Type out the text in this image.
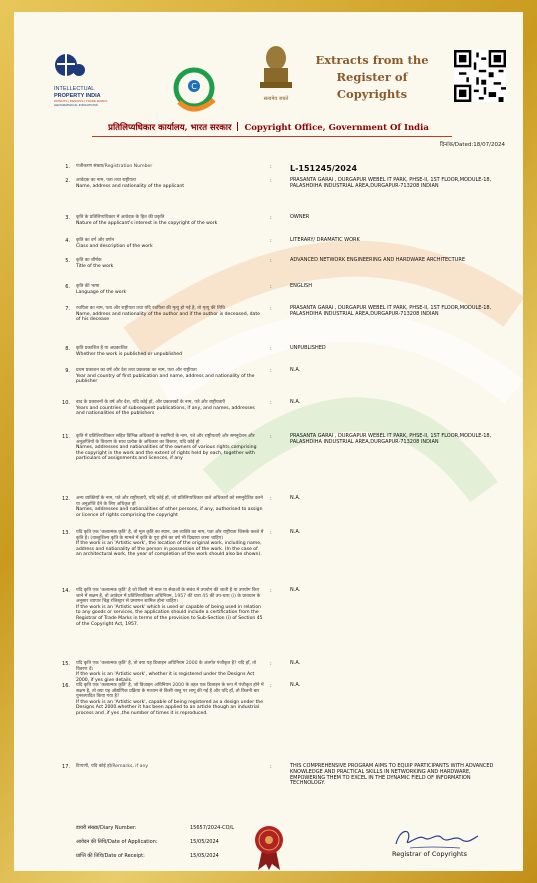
INTELLECTUAL
PROPERTY INDIA
PATENTS | DESIGNS | TRADE MARKS
GEOGRAPHICAL INDICATIONS
C
सत्यमेव जयते
Extracts from the
Register of
Copyrights
प्रतिलिप्यधिकार कार्यालय, भारत सरकार Copyright Office, Government Of India
दिनांक/Dated:18/07/2024
1. पंजीकरण संख्या/Registration Number	: L-151245/2024
2. आवेदक का नाम, पता तथा राष्ट्रीयता
Name, address and nationality of the applicant
:	PRASANTA GARAI , DURGAPUR WEBEL IT PARK, PHSE-II, 1ST FLOOR,MODULE-18, PALASHDIHA INDUSTRIAL AREA,DURGAPUR-713208 INDIAN
3. कृति के प्रतिलिप्यधिकार में आवेदक के हित की प्रकृति
Nature of the applicant's interest in the copyright of the work
:	OWNER
4. कृति का वर्ग और वर्णन
Class and description of the work
:	LITERARY/ DRAMATIC WORK
5. कृति का शीर्षक
Title of the work
:	ADVANCED NETWORK ENGINEERING AND HARDWARE ARCHITECTURE
6. कृति की भाषा
Language of the work
:	ENGLISH
7. रचयिता का नाम, पता और राष्ट्रीयता तथा यदि रचयिता की मृत्यु हो गई है, तो मृत्यु की तिथि
Name, address and nationality of the author and if the author is deceased, date of his decease
:	PRASANTA GARAI , DURGAPUR WEBEL IT PARK, PHSE-II, 1ST FLOOR,MODULE-18, PALASHDIHA INDUSTRIAL AREA,DURGAPUR-713208 INDIAN
8. कृति प्रकाशित है या अप्रकाशित
Whether the work is published or unpublished
:	UNPUBLISHED
9. प्रथम प्रकाशन का वर्ष और देश तथा प्रकाशक का नाम, पता और राष्ट्रीयता
Year and country of first publication and name, address and nationality of the publisher
:	N.A.
10. बाद के प्रकाशनों के वर्ष और देश, यदि कोई हों, और प्रकाशकों के नाम, पते और राष्ट्रीयताएँ
Years and countries of subsequent publications, if any, and names, addresses and nationalities of the publishers
:	N.A.
11. कृति में प्रतिलिप्यधिकार सहित विभिन्न अधिकारों के स्वामियों के नाम, पते और राष्ट्रीयताएँ और समनुदेशन और अनुज्ञप्तियों के विवरण के साथ प्रत्येक के अधिकार का विस्तार, यदि कोई हो
Names, addresses and nationalities of the owners of various rights comprising the copyright in the work and the extent of rights held by each, together with particulars of assignments and licences, if any
:	PRASANTA GARAI , DURGAPUR WEBEL IT PARK, PHSE-II, 1ST FLOOR,MODULE-18, PALASHDIHA INDUSTRIAL AREA,DURGAPUR-713208 INDIAN
12. अन्य व्यक्तियों के नाम, पते और राष्ट्रीयताएँ, यदि कोई हों, जो प्रतिलिप्यधिकार वाले अधिकारों को समनुदेशित करने या अनुज्ञप्ति देने के लिए अधिकृत हों
Names, addresses and nationalities of other persons, if any, authorised to assign or licence of rights comprising the copyright
:	N.A.
13. यदि कृति एक 'कलात्मक कृति' है, तो मूल कृति का स्थान, उस व्यक्ति का नाम, पता और राष्ट्रीयता जिसके कब्जे में कृति है। (वास्तुशिल्प कृति के मामले में कृति के पूरा होने का वर्ष भी दिखाया जाना चाहिए)
If the work is an 'Artistic work', the location of the original work, including name, address and nationality of the person in possession of the work. (In the case of an architectural work, the year of completion of the work should also be shown).
:	N.A.
14. यदि कृति एक 'कलात्मक कृति' है जो किसी भी माल या सेवाओं के संबंध में उपयोग की जाती है या उपयोग किए जाने में सक्षम है, तो आवेदन में प्रतिलिप्यधिकार अधिनियम, 1957 की धारा 45 की उप-धारा (i) के प्रावधान के अनुसार व्यापार चिह्न रजिस्ट्रार से प्रमाणन शामिल होना चाहिए।
If the work is an 'Artistic work' which is used or capable of being used in relation to any goods or services, the application should include a certification from the Registrar of Trade Marks in terms of the provision to Sub-Section (i) of Section 45 of the Copyright Act, 1957.
:	N.A.
15. यदि कृति एक 'कलात्मक कृति' है, तो क्या यह डिजाइन अधिनियम 2000 के अंतर्गत पंजीकृत है? यदि हाँ, तो विवरण दें।
If the work is an 'Artistic work', whether it is registered under the Designs Act 2000, if yes give details.
:	N.A.
16. यदि कृति एक 'कलात्मक कृति' है, जो डिजाइन अधिनियम 2000 के तहत एक डिजाइन के रूप में पंजीकृत होने में सक्षम है, तो क्या यह औद्योगिक प्रक्रिया के माध्यम से किसी वस्तु पर लागू की गई है और यदि हाँ, तो कितनी बार पुनरुत्पादित किया गया है?
If the work is an 'Artistic work', capable of being registered as a design under the Designs Act 2000.whether it has been applied to an article though an industrial process and ,if yes ,the number of times it is reproduced.
:	N.A.
17. टिप्पणी, यदि कोई हो/Remarks, if any	:	THIS COMPREHENSIVE PROGRAM AIMS TO EQUIP PARTICIPANTS WITH ADVANCED KNOWLEDGE AND PRACTICAL SKILLS IN NETWORKING AND HARDWARE, EMPOWERING THEM TO EXCEL IN THE DYNAMIC FIELD OF INFORMATION TECHNOLOGY.
डायरी संख्या/Diary Number:	15657/2024-CO/L
आवेदन की तिथि/Date of Application:	15/05/2024
प्राप्ति की तिथि/Date of Receipt:	15/05/2024	Registrar of Copyrights
